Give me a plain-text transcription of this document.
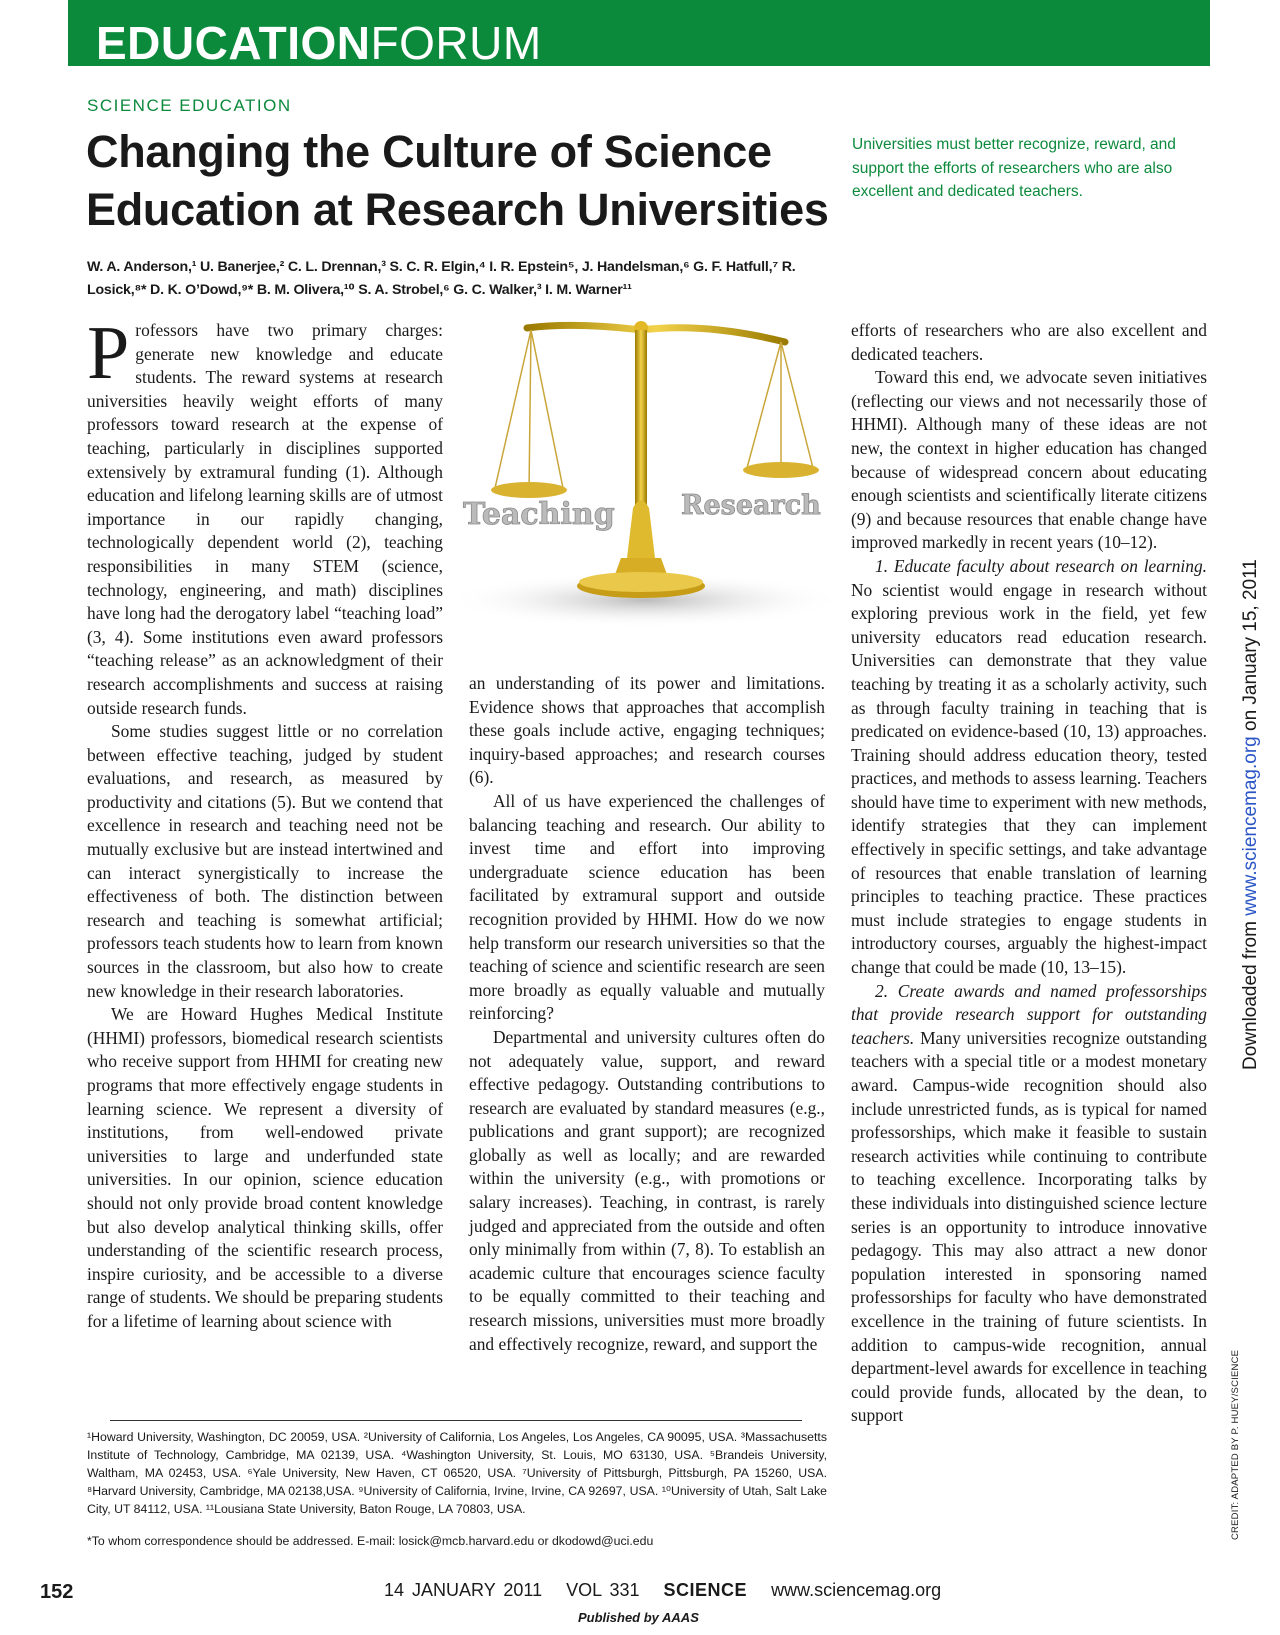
EDUCATIONFORUM
SCIENCE EDUCATION
Changing the Culture of Science
Education at Research Universities
Universities must better recognize, reward, and support the efforts of researchers who are also excellent and dedicated teachers.
W. A. Anderson,¹ U. Banerjee,² C. L. Drennan,³ S. C. R. Elgin,⁴ I. R. Epstein⁵, J. Handelsman,⁶ G. F. Hatfull,⁷ R. Losick,⁸* D. K. O’Dowd,⁹* B. M. Olivera,¹⁰ S. A. Strobel,⁶ G. C. Walker,³ I. M. Warner¹¹

Professors have two primary charges: generate new knowledge and educate students. The reward systems at research universities heavily weight efforts of many professors toward research at the expense of teaching, particularly in disciplines supported extensively by extramural funding (1). Although education and lifelong learning skills are of utmost importance in our rapidly changing, technologically dependent world (2), teaching responsibilities in many STEM (science, technology, engineering, and math) disciplines have long had the derogatory label “teaching load” (3, 4). Some institutions even award professors “teaching release” as an acknowledgment of their research accomplishments and success at raising outside research funds.

Some studies suggest little or no correlation between effective teaching, judged by student evaluations, and research, as measured by productivity and citations (5). But we contend that excellence in research and teaching need not be mutually exclusive but are instead intertwined and can interact synergistically to increase the effectiveness of both. The distinction between research and teaching is somewhat artificial; professors teach students how to learn from known sources in the classroom, but also how to create new knowledge in their research laboratories.

We are Howard Hughes Medical Institute (HHMI) professors, biomedical research scientists who receive support from HHMI for creating new programs that more effectively engage students in learning science. We represent a diversity of institutions, from well-endowed private universities to large and underfunded state universities. In our opinion, science education should not only provide broad content knowledge but also develop analytical thinking skills, offer understanding of the scientific research process, inspire curiosity, and be accessible to a diverse range of students. We should be preparing students for a lifetime of learning about science with

Teaching Research

an understanding of its power and limitations. Evidence shows that approaches that accomplish these goals include active, engaging techniques; inquiry-based approaches; and research courses (6).

All of us have experienced the challenges of balancing teaching and research. Our ability to invest time and effort into improving undergraduate science education has been facilitated by extramural support and outside recognition provided by HHMI. How do we now help transform our research universities so that the teaching of science and scientific research are seen more broadly as equally valuable and mutually reinforcing?

Departmental and university cultures often do not adequately value, support, and reward effective pedagogy. Outstanding contributions to research are evaluated by standard measures (e.g., publications and grant support); are recognized globally as well as locally; and are rewarded within the university (e.g., with promotions or salary increases). Teaching, in contrast, is rarely judged and appreciated from the outside and often only minimally from within (7, 8). To establish an academic culture that encourages science faculty to be equally committed to their teaching and research missions, universities must more broadly and effectively recognize, reward, and support the

efforts of researchers who are also excellent and dedicated teachers.

Toward this end, we advocate seven initiatives (reflecting our views and not necessarily those of HHMI). Although many of these ideas are not new, the context in higher education has changed because of widespread concern about educating enough scientists and scientifically literate citizens (9) and because resources that enable change have improved markedly in recent years (10–12).

1. Educate faculty about research on learning. No scientist would engage in research without exploring previous work in the field, yet few university educators read education research. Universities can demonstrate that they value teaching by treating it as a scholarly activity, such as through faculty training in teaching that is predicated on evidence-based (10, 13) approaches. Training should address education theory, tested practices, and methods to assess learning. Teachers should have time to experiment with new methods, identify strategies that they can implement effectively in specific settings, and take advantage of resources that enable translation of learning principles to teaching practice. These practices must include strategies to engage students in introductory courses, arguably the highest-impact change that could be made (10, 13–15).

2. Create awards and named professorships that provide research support for outstanding teachers. Many universities recognize outstanding teachers with a special title or a modest monetary award. Campus-wide recognition should also include unrestricted funds, as is typical for named professorships, which make it feasible to sustain research activities while continuing to contribute to teaching excellence. Incorporating talks by these individuals into distinguished science lecture series is an opportunity to introduce innovative pedagogy. This may also attract a new donor population interested in sponsoring named professorships for faculty who have demonstrated excellence in the training of future scientists. In addition to campus-wide recognition, annual department-level awards for excellence in teaching could provide funds, allocated by the dean, to support

¹Howard University, Washington, DC 20059, USA. ²University of California, Los Angeles, Los Angeles, CA 90095, USA. ³Massachusetts Institute of Technology, Cambridge, MA 02139, USA. ⁴Washington University, St. Louis, MO 63130, USA. ⁵Brandeis University, Waltham, MA 02453, USA. ⁶Yale University, New Haven, CT 06520, USA. ⁷University of Pittsburgh, Pittsburgh, PA 15260, USA. ⁸Harvard University, Cambridge, MA 02138,USA. ⁹University of California, Irvine, Irvine, CA 92697, USA. ¹⁰University of Utah, Salt Lake City, UT 84112, USA. ¹¹Lousiana State University, Baton Rouge, LA 70803, USA.
*To whom correspondence should be addressed. E-mail: losick@mcb.harvard.edu or dkodowd@uci.edu
Downloaded from www.sciencemag.org on January 15, 2011
CREDIT: ADAPTED BY P. HUEY/SCIENCE
152	14 JANUARY 2011 VOL 331 SCIENCE www.sciencemag.org
Published by AAAS
